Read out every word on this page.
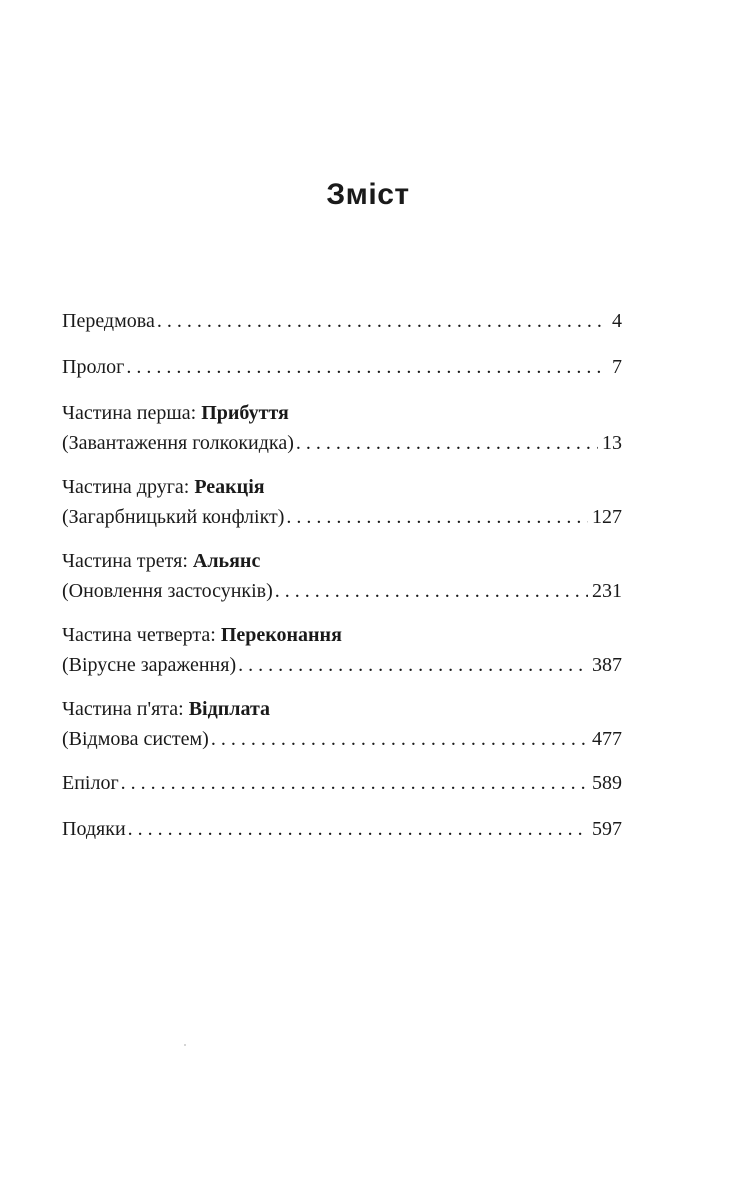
Зміст
Передмова . . .	4
Пролог . . .	7
Частина перша:
Прибуття
(Завантаження голкокидка) . . .	13
Частина друга:
Реакція
(Загарбницький конфлікт) . . .	127
Частина третя:
Альянс
(Оновлення застосунків) . . .	231
Частина четверта:
Переконання
(Вірусне зараження) . . .	387
Частина п'ята:
Відплата
(Відмова систем) . . .	477
Епілог . . .	589
Подяки . . .	597
